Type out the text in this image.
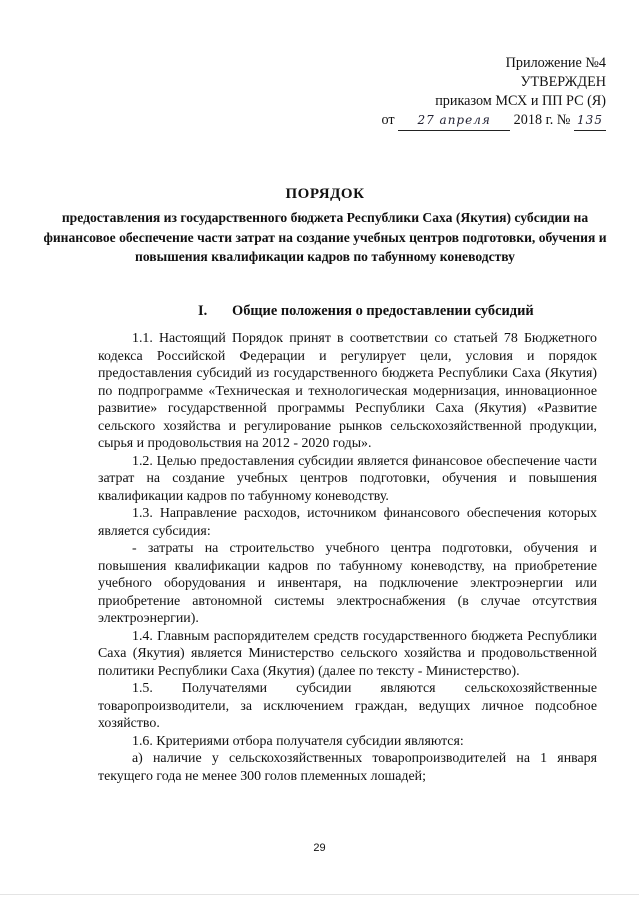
Приложение №4
УТВЕРЖДЕН
приказом МСХ и ПП РС (Я)
от 27 апреля 2018 г. № 135
ПОРЯДОК
предоставления из государственного бюджета Республики Саха (Якутия) субсидии на финансовое обеспечение части затрат на создание учебных центров подготовки, обучения и повышения квалификации кадров по табунному коневодству
I. Общие положения о предоставлении субсидий

1.1. Настоящий Порядок принят в соответствии со статьей 78 Бюджетного кодекса Российской Федерации и регулирует цели, условия и порядок предоставления субсидий из государственного бюджета Республики Саха (Якутия) по подпрограмме «Техническая и технологическая модернизация, инновационное развитие» государственной программы Республики Саха (Якутия) «Развитие сельского хозяйства и регулирование рынков сельскохозяйственной продукции, сырья и продовольствия на 2012 - 2020 годы».

1.2. Целью предоставления субсидии является финансовое обеспечение части затрат на создание учебных центров подготовки, обучения и повышения квалификации кадров по табунному коневодству.

1.3. Направление расходов, источником финансового обеспечения которых является субсидия:

- затраты на строительство учебного центра подготовки, обучения и повышения квалификации кадров по табунному коневодству, на приобретение учебного оборудования и инвентаря, на подключение электроэнергии или приобретение автономной системы электроснабжения (в случае отсутствия электроэнергии).

1.4. Главным распорядителем средств государственного бюджета Республики Саха (Якутия) является Министерство сельского хозяйства и продовольственной политики Республики Саха (Якутия) (далее по тексту - Министерство).

1.5. Получателями субсидии являются сельскохозяйственные товаропроизводители, за исключением граждан, ведущих личное подсобное хозяйство.

1.6. Критериями отбора получателя субсидии являются:

а) наличие у сельскохозяйственных товаропроизводителей на 1 января текущего года не менее 300 голов племенных лошадей;

29
